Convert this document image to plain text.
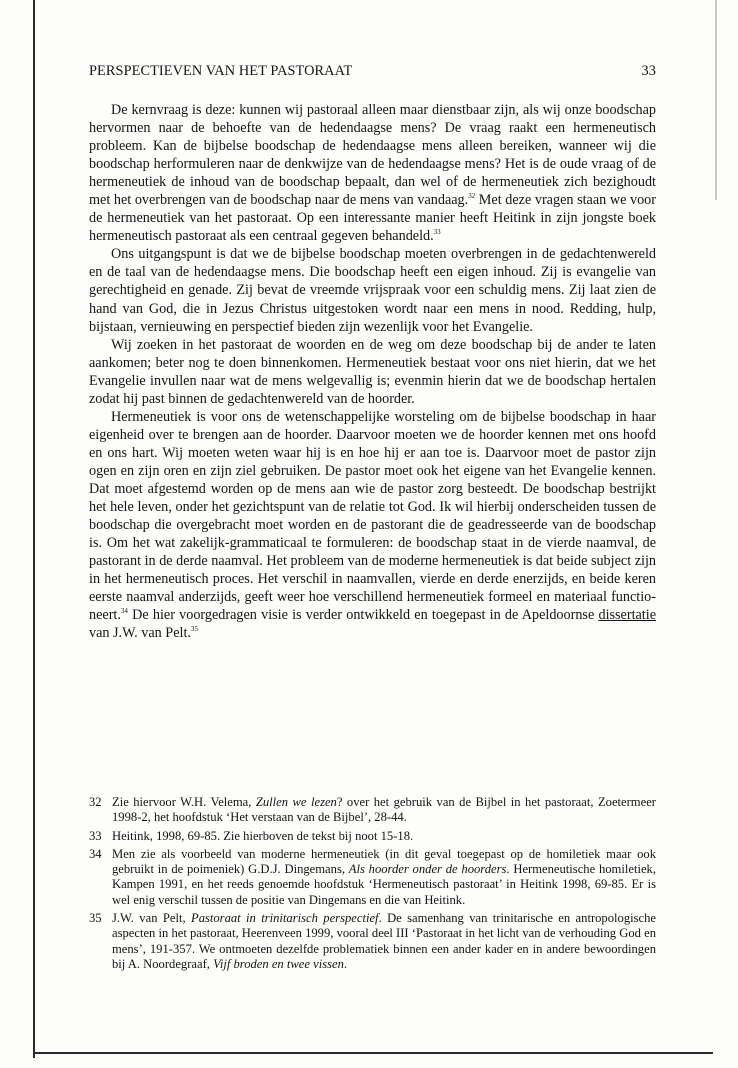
PERSPECTIEVEN VAN HET PASTORAAT	33

De kernvraag is deze: kunnen wij pastoraal alleen maar dienstbaar zijn, als wij onze boodschap hervormen naar de behoefte van de hedendaagse mens? De vraag raakt een hermeneutisch probleem. Kan de bijbelse boodschap de hedendaagse mens alleen bereiken, wanneer wij die boodschap herformuleren naar de denkwijze van de hedendaagse mens? Het is de oude vraag of de hermeneutiek de inhoud van de boodschap bepaalt, dan wel of de hermeneutiek zich bezighoudt met het overbrengen van de boodschap naar de mens van vandaag.$^{32}$ Met deze vragen staan we voor de hermeneutiek van het pastoraat. Op een interessante manier heeft Heitink in zijn jongste boek hermeneutisch pastoraat als een centraal gegeven behandeld.$^{33}$

Ons uitgangspunt is dat we de bijbelse boodschap moeten overbrengen in de gedachtenwereld en de taal van de hedendaagse mens. Die boodschap heeft een eigen inhoud. Zij is evangelie van gerechtigheid en genade. Zij bevat de vreemde vrijspraak voor een schuldig mens. Zij laat zien de hand van God, die in Jezus Christus uitgestoken wordt naar een mens in nood. Redding, hulp, bijstaan, vernieuwing en perspectief bieden zijn wezenlijk voor het Evangelie.

Wij zoeken in het pastoraat de woorden en de weg om deze boodschap bij de ander te laten aankomen; beter nog te doen binnenkomen. Hermeneutiek bestaat voor ons niet hierin, dat we het Evangelie invullen naar wat de mens welgevallig is; evenmin hierin dat we de boodschap hertalen zodat hij past binnen de gedachtenwereld van de hoorder.

Hermeneutiek is voor ons de wetenschappelijke worsteling om de bijbelse boodschap in haar eigenheid over te brengen aan de hoorder. Daarvoor moeten we de hoorder kennen met ons hoofd en ons hart. Wij moeten weten waar hij is en hoe hij er aan toe is. Daarvoor moet de pastor zijn ogen en zijn oren en zijn ziel gebruiken. De pastor moet ook het eigene van het Evangelie kennen. Dat moet afgestemd worden op de mens aan wie de pastor zorg besteedt. De boodschap bestrijkt het hele leven, onder het gezichtspunt van de relatie tot God. Ik wil hierbij onderscheiden tussen de boodschap die overgebracht moet worden en de pastorant die de geadresseerde van de boodschap is. Om het wat zakelijk-grammaticaal te formuleren: de boodschap staat in de vierde naamval, de pastorant in de derde naamval. Het probleem van de moderne hermeneutiek is dat beide subject zijn in het hermeneutisch proces. Het verschil in naamvallen, vierde en derde enerzijds, en beide keren eerste naamval anderzijds, geeft weer hoe verschillend hermeneutiek formeel en materiaal functioneert.$^{34}$ De hier voorgedragen visie is verder ontwikkeld en toegepast in de Apeldoornse dissertatie van J.W. van Pelt.$^{35}$

32 Zie hiervoor W.H. Velema, Zullen we lezen? over het gebruik van de Bijbel in het pastoraat, Zoetermeer 1998-2, het hoofdstuk ‘Het verstaan van de Bijbel’, 28-44.
33 Heitink, 1998, 69-85. Zie hierboven de tekst bij noot 15-18.
34 Men zie als voorbeeld van moderne hermeneutiek (in dit geval toegepast op de homiletiek maar ook gebruikt in de poimeniek) G.D.J. Dingemans, Als hoorder onder de hoorders. Hermeneutische homiletiek, Kampen 1991, en het reeds genoemde hoofdstuk ‘Hermeneutisch pastoraat’ in Heitink 1998, 69-85. Er is wel enig verschil tussen de positie van Dingemans en die van Heitink.
35 J.W. van Pelt, Pastoraat in trinitarisch perspectief. De samenhang van trinitarische en antropologische aspecten in het pastoraat, Heerenveen 1999, vooral deel III ‘Pastoraat in het licht van de verhouding God en mens’, 191-357. We ontmoeten dezelfde problematiek binnen een ander kader en in andere bewoordingen bij A. Noordegraaf, Vijf broden en twee vissen.
